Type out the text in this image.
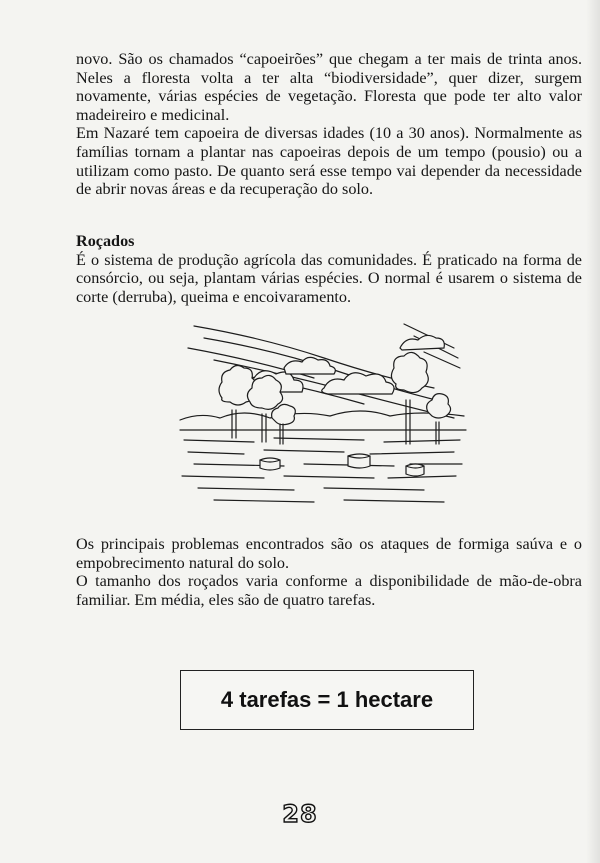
novo. São os chamados “capoeirões” que chegam a ter mais de trinta anos. Neles a floresta volta a ter alta “biodiversidade”, quer dizer, surgem novamente, várias espécies de vegetação. Floresta que pode ter alto valor madeireiro e medicinal.

Em Nazaré tem capoeira de diversas idades (10 a 30 anos). Normalmente as famílias tornam a plantar nas capoeiras depois de um tempo (pousio) ou a utilizam como pasto. De quanto será esse tempo vai depender da necessidade de abrir novas áreas e da recuperação do solo.

Roçados

É o sistema de produção agrícola das comunidades. É praticado na forma de consórcio, ou seja, plantam várias espécies. O normal é usarem o sistema de corte (derruba), queima e encoivaramento.

Os principais problemas encontrados são os ataques de formiga saúva e o empobrecimento natural do solo.

O tamanho dos roçados varia conforme a disponibilidade de mão-de-obra familiar. Em média, eles são de quatro tarefas.

4 tarefas = 1 hectare
28
